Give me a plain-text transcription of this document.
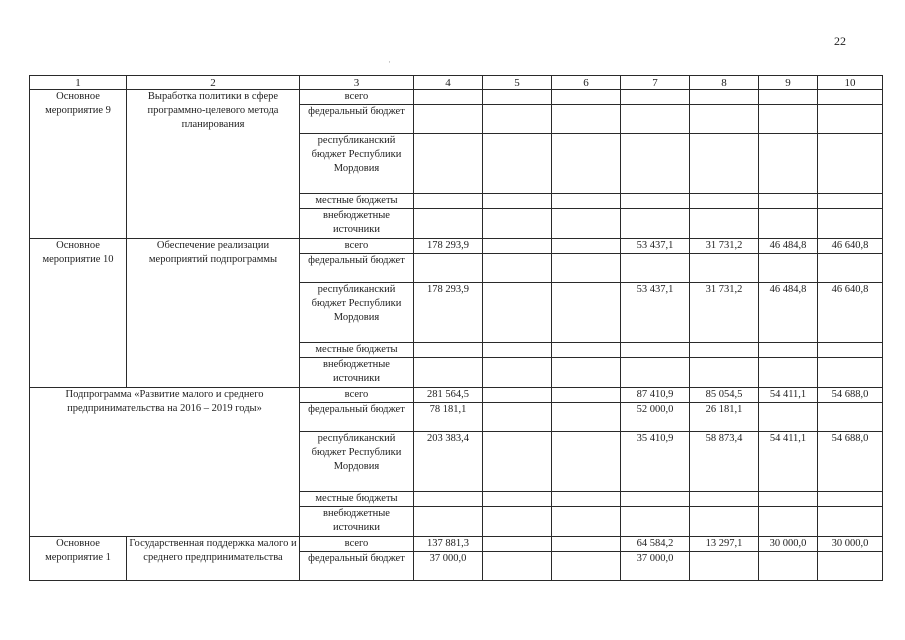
22
·
1	2	3	4	5	6	7	8	9	10
Основное мероприятие 9	Выработка политики в сфере программно-целевого метода планирования	всего							
		федеральный бюджет							
		республиканский бюджет Республики Мордовия							
		местные бюджеты							
		внебюджетные источники							
Основное мероприятие 10	Обеспечение реализации мероприятий подпрограммы	всего	178 293,9			53 437,1	31 731,2	46 484,8	46 640,8
		федеральный бюджет							
		республиканский бюджет Республики Мордовия	178 293,9			53 437,1	31 731,2	46 484,8	46 640,8
		местные бюджеты							
		внебюджетные источники							
Подпрограмма «Развитие малого и среднего предпринимательства на 2016 – 2019 годы»		всего	281 564,5			87 410,9	85 054,5	54 411,1	54 688,0
		федеральный бюджет	78 181,1			52 000,0	26 181,1		
		республиканский бюджет Республики Мордовия	203 383,4			35 410,9	58 873,4	54 411,1	54 688,0
		местные бюджеты							
		внебюджетные источники							
Основное мероприятие 1	Государственная поддержка малого и среднего предпринимательства	всего	137 881,3			64 584,2	13 297,1	30 000,0	30 000,0
		федеральный бюджет	37 000,0			37 000,0			
